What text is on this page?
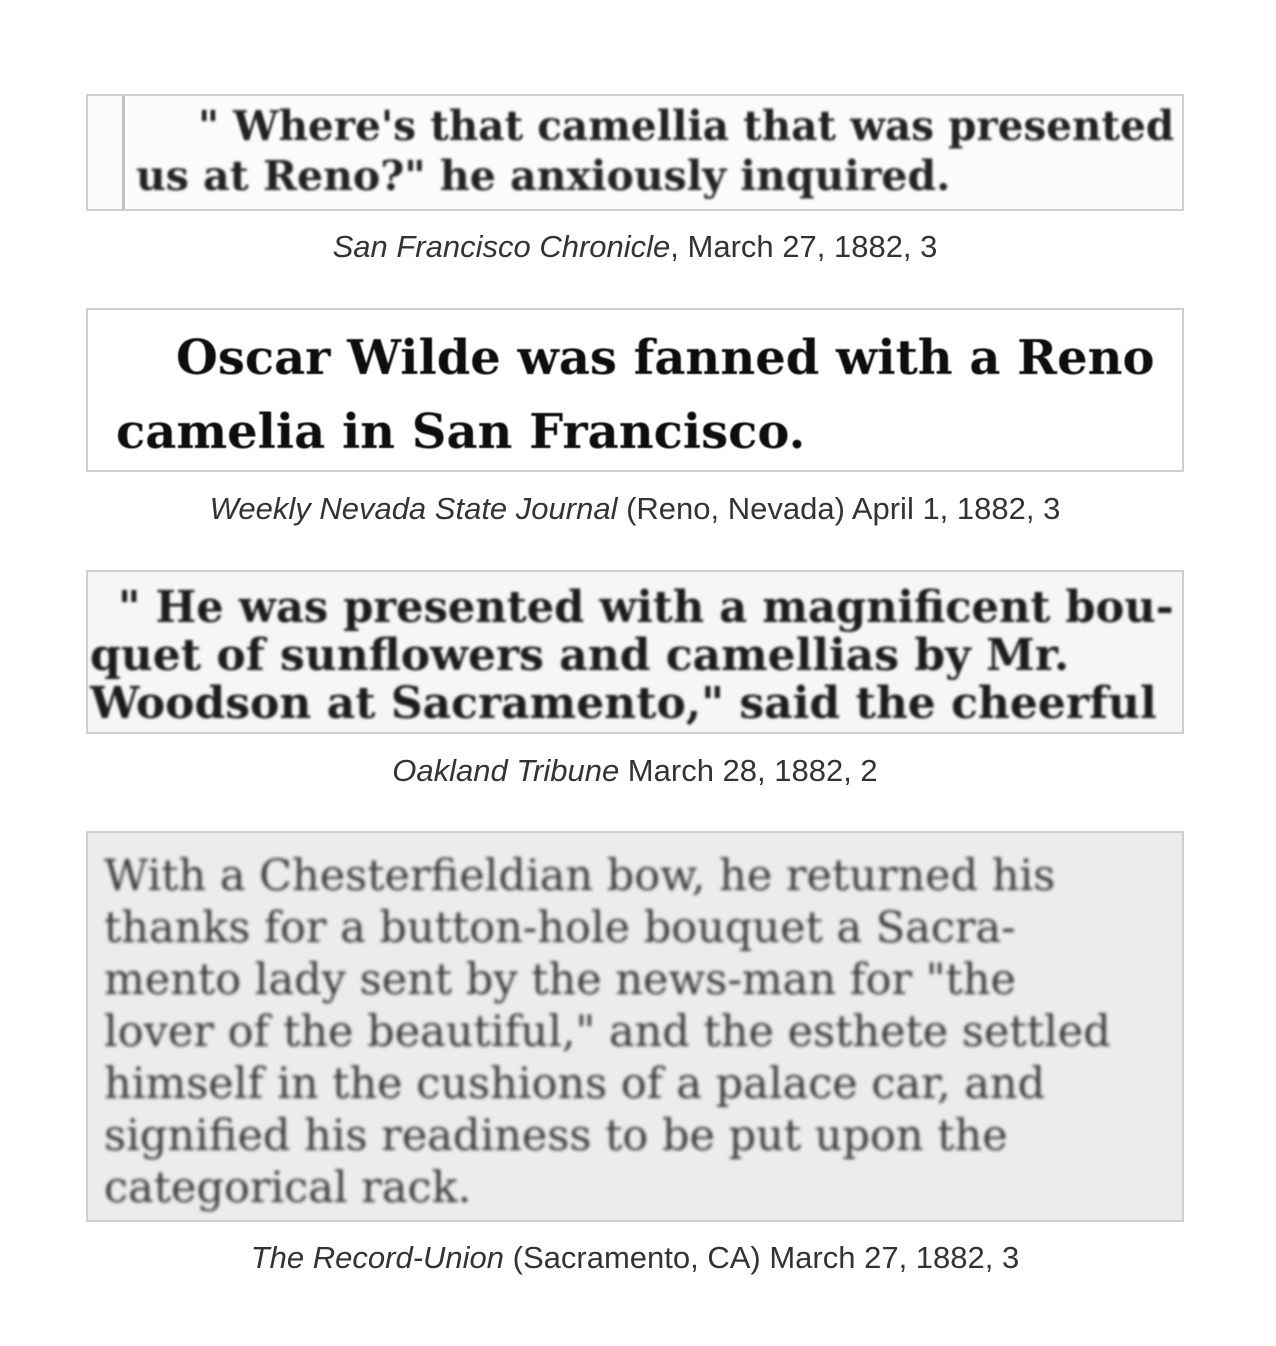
" Where's that camellia that was presented
us at Reno?" he anxiously inquired.
San Francisco Chronicle, March 27, 1882, 3
Oscar Wilde was fanned with a Reno
camelia in San Francisco.
Weekly Nevada State Journal (Reno, Nevada) April 1, 1882, 3
" He was presented with a magnificent bou-
quet of sunflowers and camellias by Mr.
Woodson at Sacramento," said the cheerful
Oakland Tribune March 28, 1882, 2
With a Chesterfieldian bow, he returned his
thanks for a button-hole bouquet a Sacra-
mento lady sent by the news-man for "the
lover of the beautiful," and the esthete settled
himself in the cushions of a palace car, and
signified his readiness to be put upon the
categorical rack.
The Record-Union (Sacramento, CA) March 27, 1882, 3
